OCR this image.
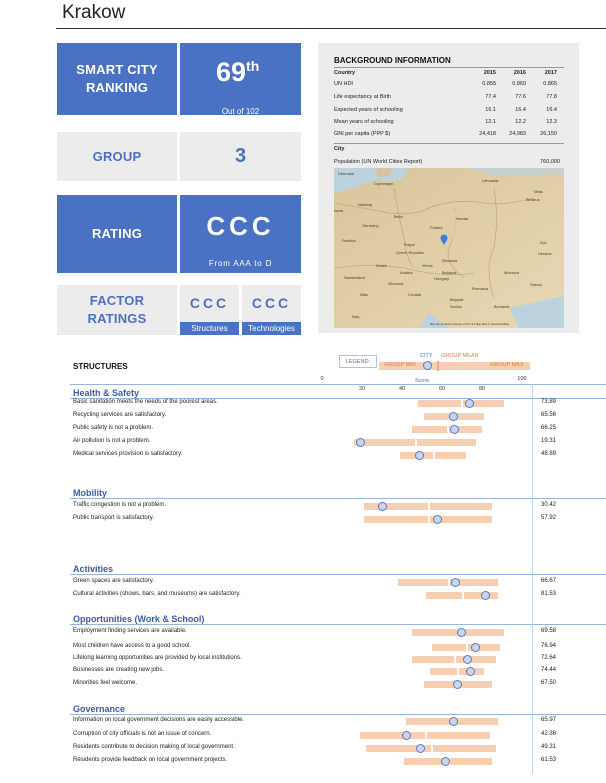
Krakow
SMART CITY
RANKING
69th
Out of 102
GROUP	3
RATING	CCC
From AAA to D
FACTOR
RATINGS
CCC
Structures
CCC
Technologies
BACKGROUND INFORMATION
Country	2015	2016	2017
UN HDI	0.855	0.860	0.865
Life expectancy at Birth	77.4	77.6	77.8
Expected years of schooling	16.1	16.4	16.4
Mean years of schooling	12.1	12.2	12.3
GNI per capita (PPP $)	24,418	24,983	26,150
City
Population (UN World Cities Report)	760,000
Denmark
Lithuania
Copenhagen
Minsk
Belarus
Hamburg
rlands
Berlin	Warsaw
Germany	Poland
Kyiv
Frankfurt
Ukraine
Prague
Czech Republic
Slovakia
Munich	Vienna
Moldova
Austria	Budapest
Switzerland	Hungary
Odessa
Slovenia
Romania
Milan	Croatia
Belgrade
Serbia	Bucharest
Italy
Map tiles by Stamen Design CC BY 3.0 Map Data © OpenStreetMap
LEGEND:
CITY GROUP MEAN
GROUP MIN	GROUP MAX
STRUCTURES
Score
0
20	40	60	80
100
Health & Safety
Basic sanitation meets the needs of the poorest areas.	73.89
Recycling services are satisfactory.	65.56
Public safety is not a problem.	66.25
Air pollution is not a problem.	19.31
Medical services provision is satisfactory.	48.89
Mobility
Traffic congestion is not a problem.	30.42
Public transport is satisfactory.	57.92
Activities
Green spaces are satisfactory.	66.67
Cultural activities (shows, bars, and museums) are satisfactory.	81.53
Opportunities (Work & School)
Employment finding services are available.	69.58
Most children have access to a good school.	76.94
Lifelong learning opportunities are provided by local institutions.	72.64
Businesses are creating new jobs.	74.44
Minorities feel welcome.	67.50
Governance
Information on local government decisions are easily accessible.	65.97
Corruption of city officials is not an issue of concern.	42.36
Residents contribute to decision making of local government.	49.31
Residents provide feedback on local government projects.	61.53
